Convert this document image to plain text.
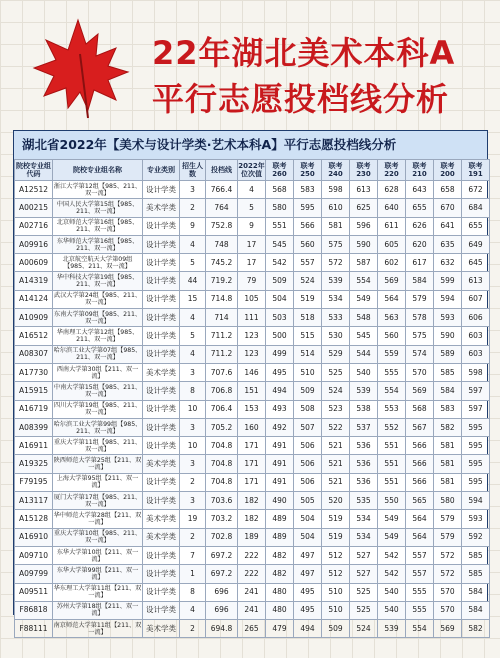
22年湖北美术本科A
平行志愿投档线分析
湖北省2022年【美术与设计学类·艺术本科A】平行志愿投档线分析
院校专业组代码	院校专业组名称	专业类别	招生人数	投档线	2022年位次值	联考260	联考250	联考240	联考230	联考220	联考210	联考200	联考191
A12512	浙江大学第12组【985、211、双一流】	设计学类	3	766.4	4	568	583	598	613	628	643	658	672
A00215	中国人民大学第15组【985、211、双一流】	美术学类	2	764	5	580	595	610	625	640	655	670	684
A02716	北京师范大学第16组【985、211、双一流】	设计学类	9	752.8	9	551	566	581	596	611	626	641	655
A09916	东华师范大学第16组【985、211、双一流】	设计学类	4	748	17	545	560	575	590	605	620	635	649
A00609	北京航空航天大学第09组【985、211、双一流】	设计学类	5	745.2	17	542	557	572	587	602	617	632	645
A14319	华中科技大学第19组【985、211、双一流】	设计学类	44	719.2	79	509	524	539	554	569	584	599	613
A14124	武汉大学第24组【985、211、双一流】	设计学类	15	714.8	105	504	519	534	549	564	579	594	607
A10909	东南大学第09组【985、211、双一流】	设计学类	4	714	111	503	518	533	548	563	578	593	606
A16512	华南理工大学第12组【985、211、双一流】	设计学类	5	711.2	123	500	515	530	545	560	575	590	603
A08307	哈尔滨工业大学第07组【985、211、双一流】	设计学类	4	711.2	123	499	514	529	544	559	574	589	603
A17730	西南大学第30组【211、双一流】	美术学类	3	707.6	146	495	510	525	540	555	570	585	598
A15915	中南大学第15组【985、211、双一流】	设计学类	8	706.8	151	494	509	524	539	554	569	584	597
A16719	四川大学第19组【985、211、双一流】	设计学类	10	706.4	153	493	508	523	538	553	568	583	597
A08399	哈尔滨工业大学第99组【985、211、双一流】	设计学类	3	705.2	160	492	507	522	537	552	567	582	595
A16911	重庆大学第11组【985、211、双一流】	设计学类	10	704.8	171	491	506	521	536	551	566	581	595
A19325	陕西师范大学第25组【211、双一流】	美术学类	3	704.8	171	491	506	521	536	551	566	581	595
F79195	上海大学第95组【211、双一流】	设计学类	2	704.8	171	491	506	521	536	551	566	581	595
A13117	厦门大学第17组【985、211、双一流】	设计学类	3	703.6	182	490	505	520	535	550	565	580	594
A15128	华中师范大学第28组【211、双一流】	美术学类	19	703.2	182	489	504	519	534	549	564	579	593
A16910	重庆大学第10组【985、211、双一流】	美术学类	2	702.8	189	489	504	519	534	549	564	579	592
A09710	东华大学第10组【211、双一流】	设计学类	7	697.2	222	482	497	512	527	542	557	572	585
A09799	东华大学第99组【211、双一流】	设计学类	1	697.2	222	482	497	512	527	542	557	572	585
A09511	华东理工大学第11组【211、双一流】	设计学类	8	696	241	480	495	510	525	540	555	570	584
F86818	苏州大学第18组【211、双一流】	设计学类	4	696	241	480	495	510	525	540	555	570	584
F88111	南京师范大学第11组【211、双一流】	美术学类	2	694.8	265	479	494	509	524	539	554	569	582
